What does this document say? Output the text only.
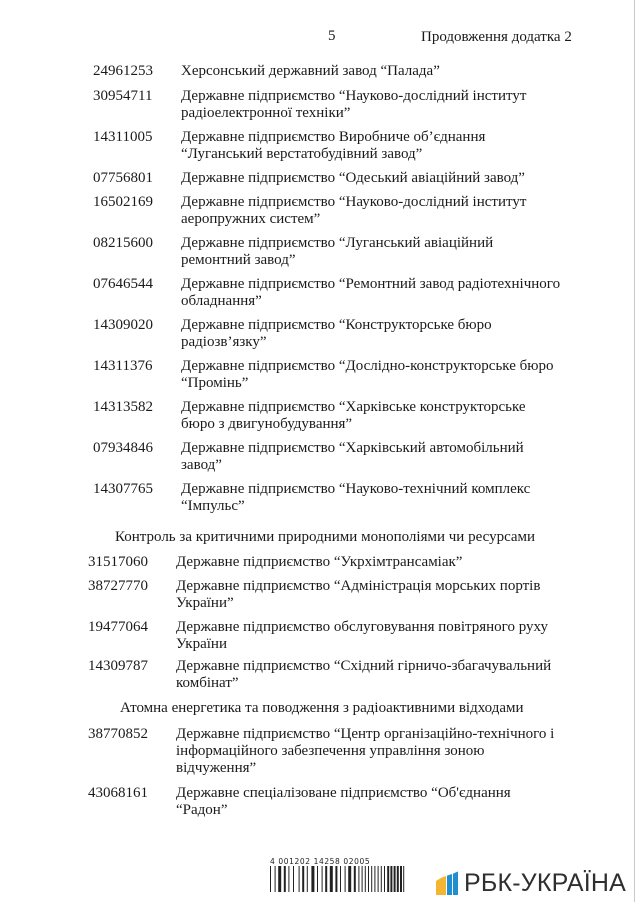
5	Продовження додатка 2
24961253 Херсонський державний завод “Палада”
30954711 Державне підприємство “Науково-дослідний інститут
радіоелектронної техніки”
14311005 Державне підприємство Виробниче об’єднання
“Луганський верстатобудівний завод”
07756801 Державне підприємство “Одеський авіаційний завод”
16502169 Державне підприємство “Науково-дослідний інститут
аеропружних систем”
08215600 Державне підприємство “Луганський авіаційний
ремонтний завод”
07646544 Державне підприємство “Ремонтний завод радіотехнічного
обладнання”
14309020 Державне підприємство “Конструкторське бюро
радіозв’язку”
14311376 Державне підприємство “Дослідно-конструкторське бюро
“Промінь”
14313582 Державне підприємство “Харківське конструкторське
бюро з двигунобудування”
07934846 Державне підприємство “Харківський автомобільний
завод”
14307765 Державне підприємство “Науково-технічний комплекс
“Імпульс”
Контроль за критичними природними монополіями чи ресурсами
31517060 Державне підприємство “Укрхімтрансаміак”
38727770 Державне підприємство “Адміністрація морських портів
України”
19477064 Державне підприємство обслуговування повітряного руху
України
14309787 Державне підприємство “Східний гірничо-збагачувальний
комбінат”
Атомна енергетика та поводження з радіоактивними відходами
38770852 Державне підприємство “Центр організаційно-технічного і
інформаційного забезпечення управління зоною
відчуження”
43068161 Державне спеціалізоване підприємство “Об'єднання
“Радон”
4 001202 14258 02005
РБК-УКРАЇНА
